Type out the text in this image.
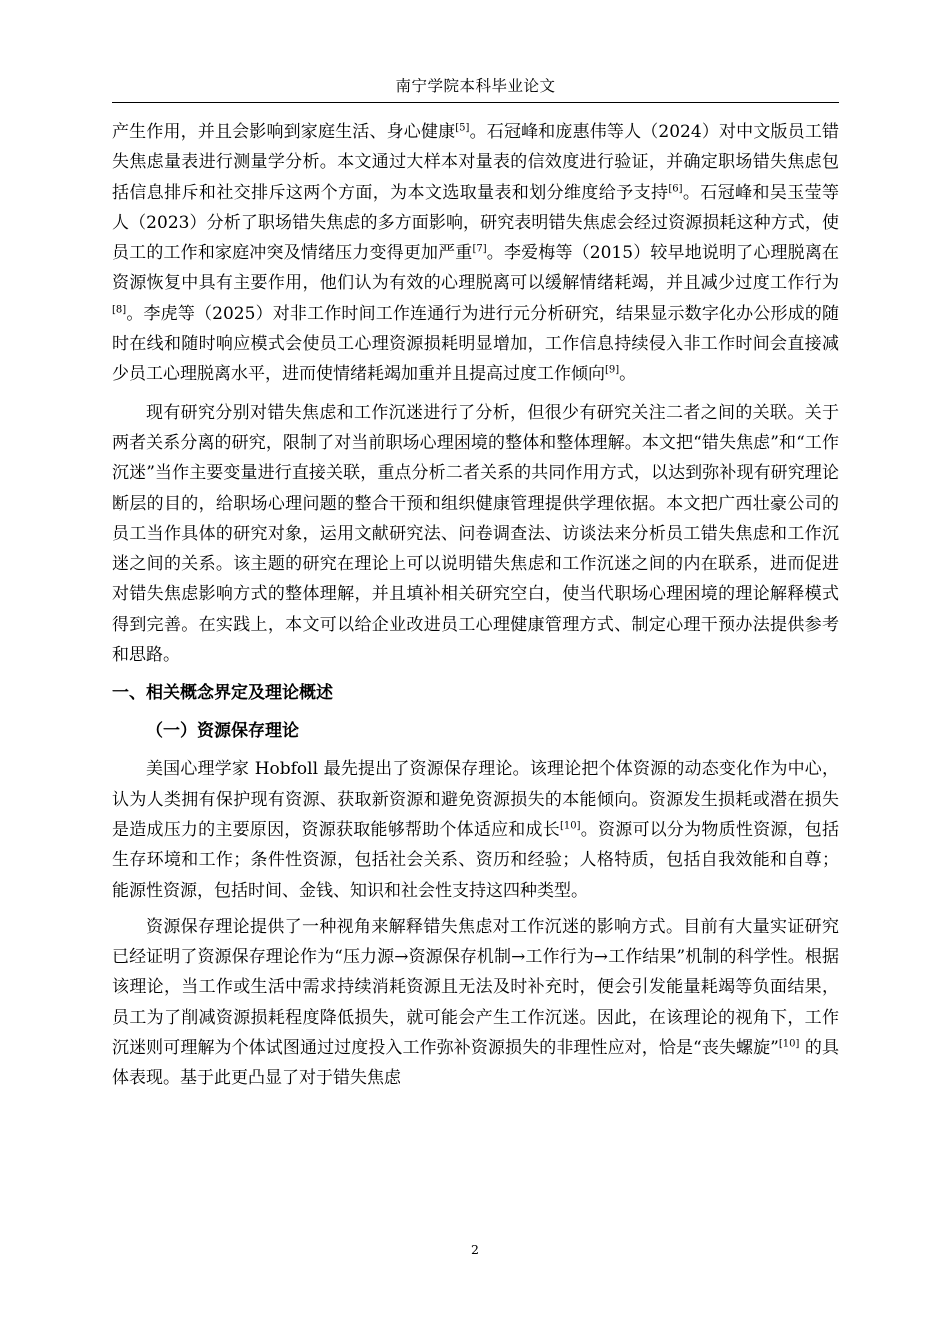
南宁学院本科毕业论文

产生作用，并且会影响到家庭生活、身心健康[5]。石冠峰和庞惠伟等人（2024）对中文版员工错失焦虑量表进行测量学分析。本文通过大样本对量表的信效度进行验证，并确定职场错失焦虑包括信息排斥和社交排斥这两个方面，为本文选取量表和划分维度给予支持[6]。石冠峰和吴玉莹等人（2023）分析了职场错失焦虑的多方面影响，研究表明错失焦虑会经过资源损耗这种方式，使员工的工作和家庭冲突及情绪压力变得更加严重[7]。李爱梅等（2015）较早地说明了心理脱离在资源恢复中具有主要作用，他们认为有效的心理脱离可以缓解情绪耗竭，并且减少过度工作行为[8]。李虎等（2025）对非工作时间工作连通行为进行元分析研究，结果显示数字化办公形成的随时在线和随时响应模式会使员工心理资源损耗明显增加，工作信息持续侵入非工作时间会直接减少员工心理脱离水平，进而使情绪耗竭加重并且提高过度工作倾向[9]。

现有研究分别对错失焦虑和工作沉迷进行了分析，但很少有研究关注二者之间的关联。关于两者关系分离的研究，限制了对当前职场心理困境的整体和整体理解。本文把“错失焦虑”和“工作沉迷”当作主要变量进行直接关联，重点分析二者关系的共同作用方式，以达到弥补现有研究理论断层的目的，给职场心理问题的整合干预和组织健康管理提供学理依据。本文把广西壮豪公司的员工当作具体的研究对象，运用文献研究法、问卷调查法、访谈法来分析员工错失焦虑和工作沉迷之间的关系。该主题的研究在理论上可以说明错失焦虑和工作沉迷之间的内在联系，进而促进对错失焦虑影响方式的整体理解，并且填补相关研究空白，使当代职场心理困境的理论解释模式得到完善。在实践上，本文可以给企业改进员工心理健康管理方式、制定心理干预办法提供参考和思路。

一、相关概念界定及理论概述

（一）资源保存理论

美国心理学家 Hobfoll 最先提出了资源保存理论。该理论把个体资源的动态变化作为中心，认为人类拥有保护现有资源、获取新资源和避免资源损失的本能倾向。资源发生损耗或潜在损失是造成压力的主要原因，资源获取能够帮助个体适应和成长[10]。资源可以分为物质性资源，包括生存环境和工作；条件性资源，包括社会关系、资历和经验；人格特质，包括自我效能和自尊；能源性资源，包括时间、金钱、知识和社会性支持这四种类型。

资源保存理论提供了一种视角来解释错失焦虑对工作沉迷的影响方式。目前有大量实证研究已经证明了资源保存理论作为“压力源→资源保存机制→工作行为→工作结果”机制的科学性。根据该理论，当工作或生活中需求持续消耗资源且无法及时补充时，便会引发能量耗竭等负面结果，员工为了削减资源损耗程度降低损失，就可能会产生工作沉迷。因此，在该理论的视角下，工作沉迷则可理解为个体试图通过过度投入工作弥补资源损失的非理性应对，恰是“丧失螺旋”[10] 的具体表现。基于此更凸显了对于错失焦虑

2
